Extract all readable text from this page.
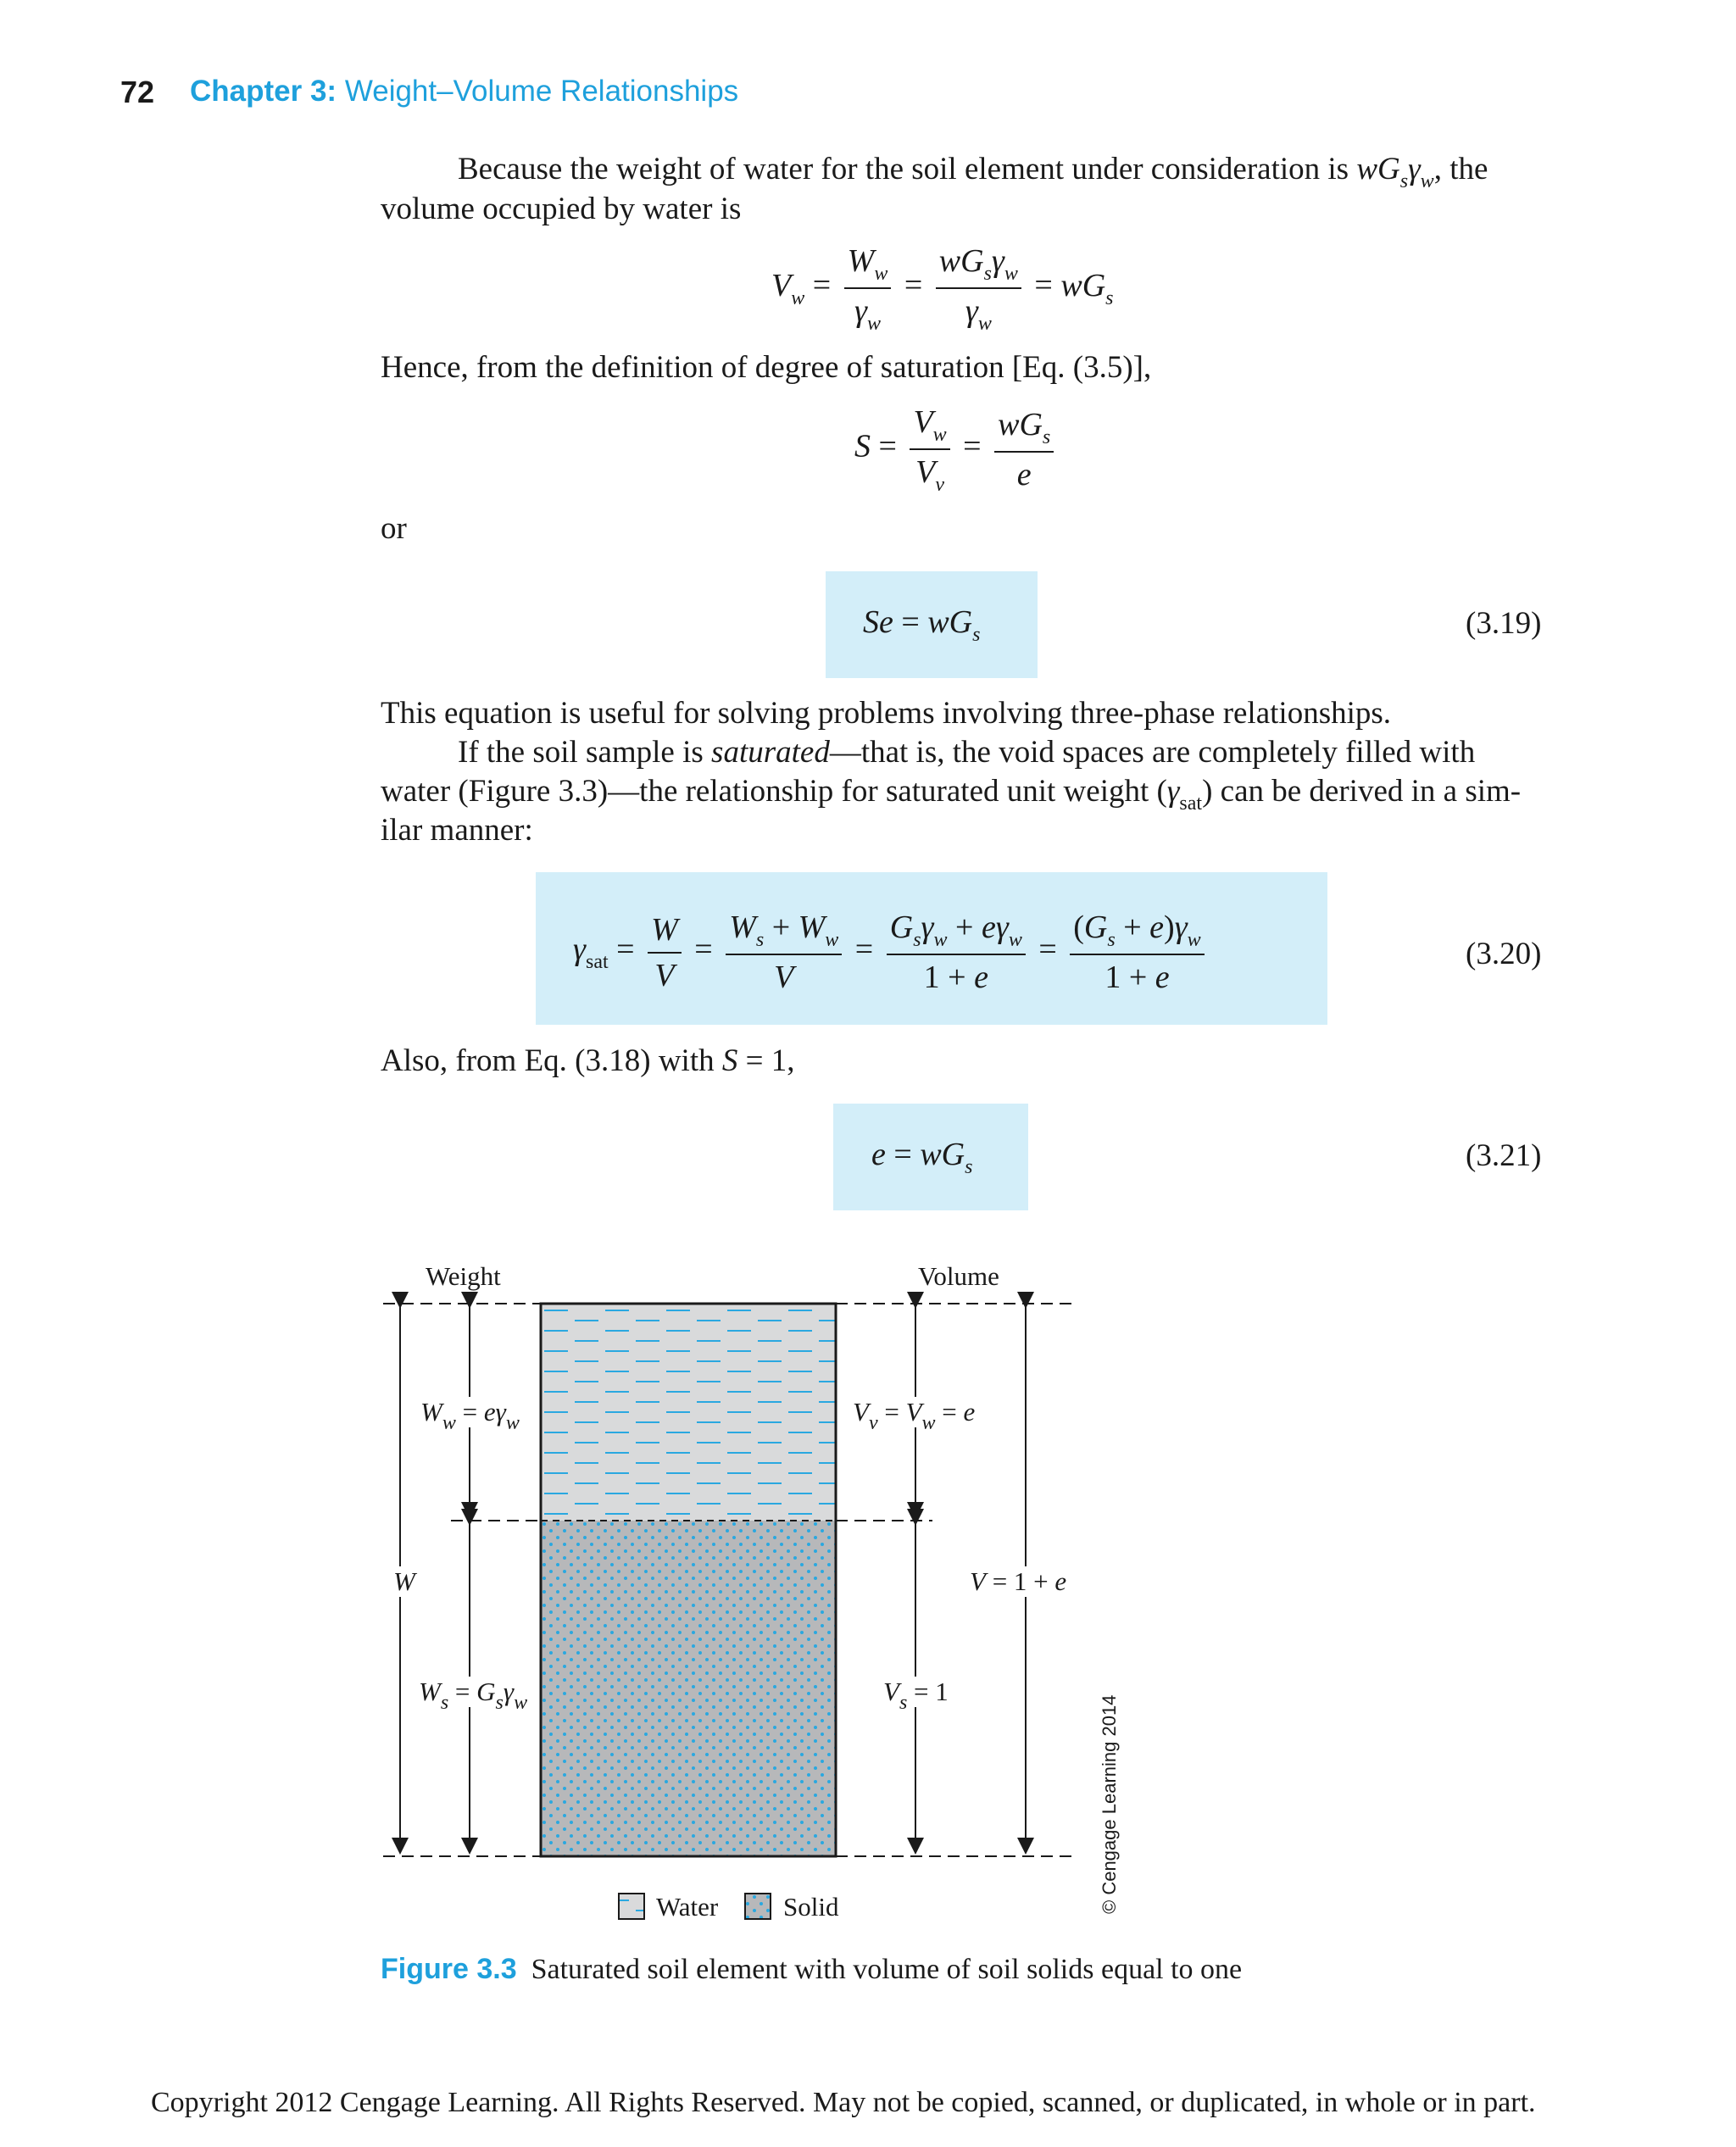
72 Chapter 3: Weight–Volume Relationships
Because the weight of water for the soil element under consideration is $wG_s\gamma_w$, the
volume occupied by water is
$V_w = \frac{W_w}{\gamma_w} = \frac{wG_s\gamma_w}{\gamma_w} = wG_s$
Hence, from the definition of degree of saturation [Eq. (3.5)],
$S = \frac{V_w}{V_v} = \frac{wG_s}{e}$
or
$Se = wG_s$	(3.19)
This equation is useful for solving problems involving three-phase relationships.
If the soil sample is saturated—that is, the void spaces are completely filled with
water (Figure 3.3)—the relationship for saturated unit weight $(\gamma_{sat})$ can be derived in a sim-
ilar manner:
$\gamma_{sat} = \frac{W}{V} = \frac{W_s + W_w}{V} = \frac{G_s\gamma_w + e\gamma_w}{1 + e} = \frac{(G_s + e)\gamma_w}{1 + e}$	(3.20)
Also, from Eq. (3.18) with S = 1,
$e = wG_s$	(3.21)
Weight	Volume
$W_w = e\gamma_w$
W
$W_s = G_s\gamma_w$
$V_v = V_w = e$
V = 1 + e
$V_s = 1$
Water Solid	© Cengage Learning 2014
Figure 3.3 Saturated soil element with volume of soil solids equal to one
Copyright 2012 Cengage Learning. All Rights Reserved. May not be copied, scanned, or duplicated, in whole or in part.
